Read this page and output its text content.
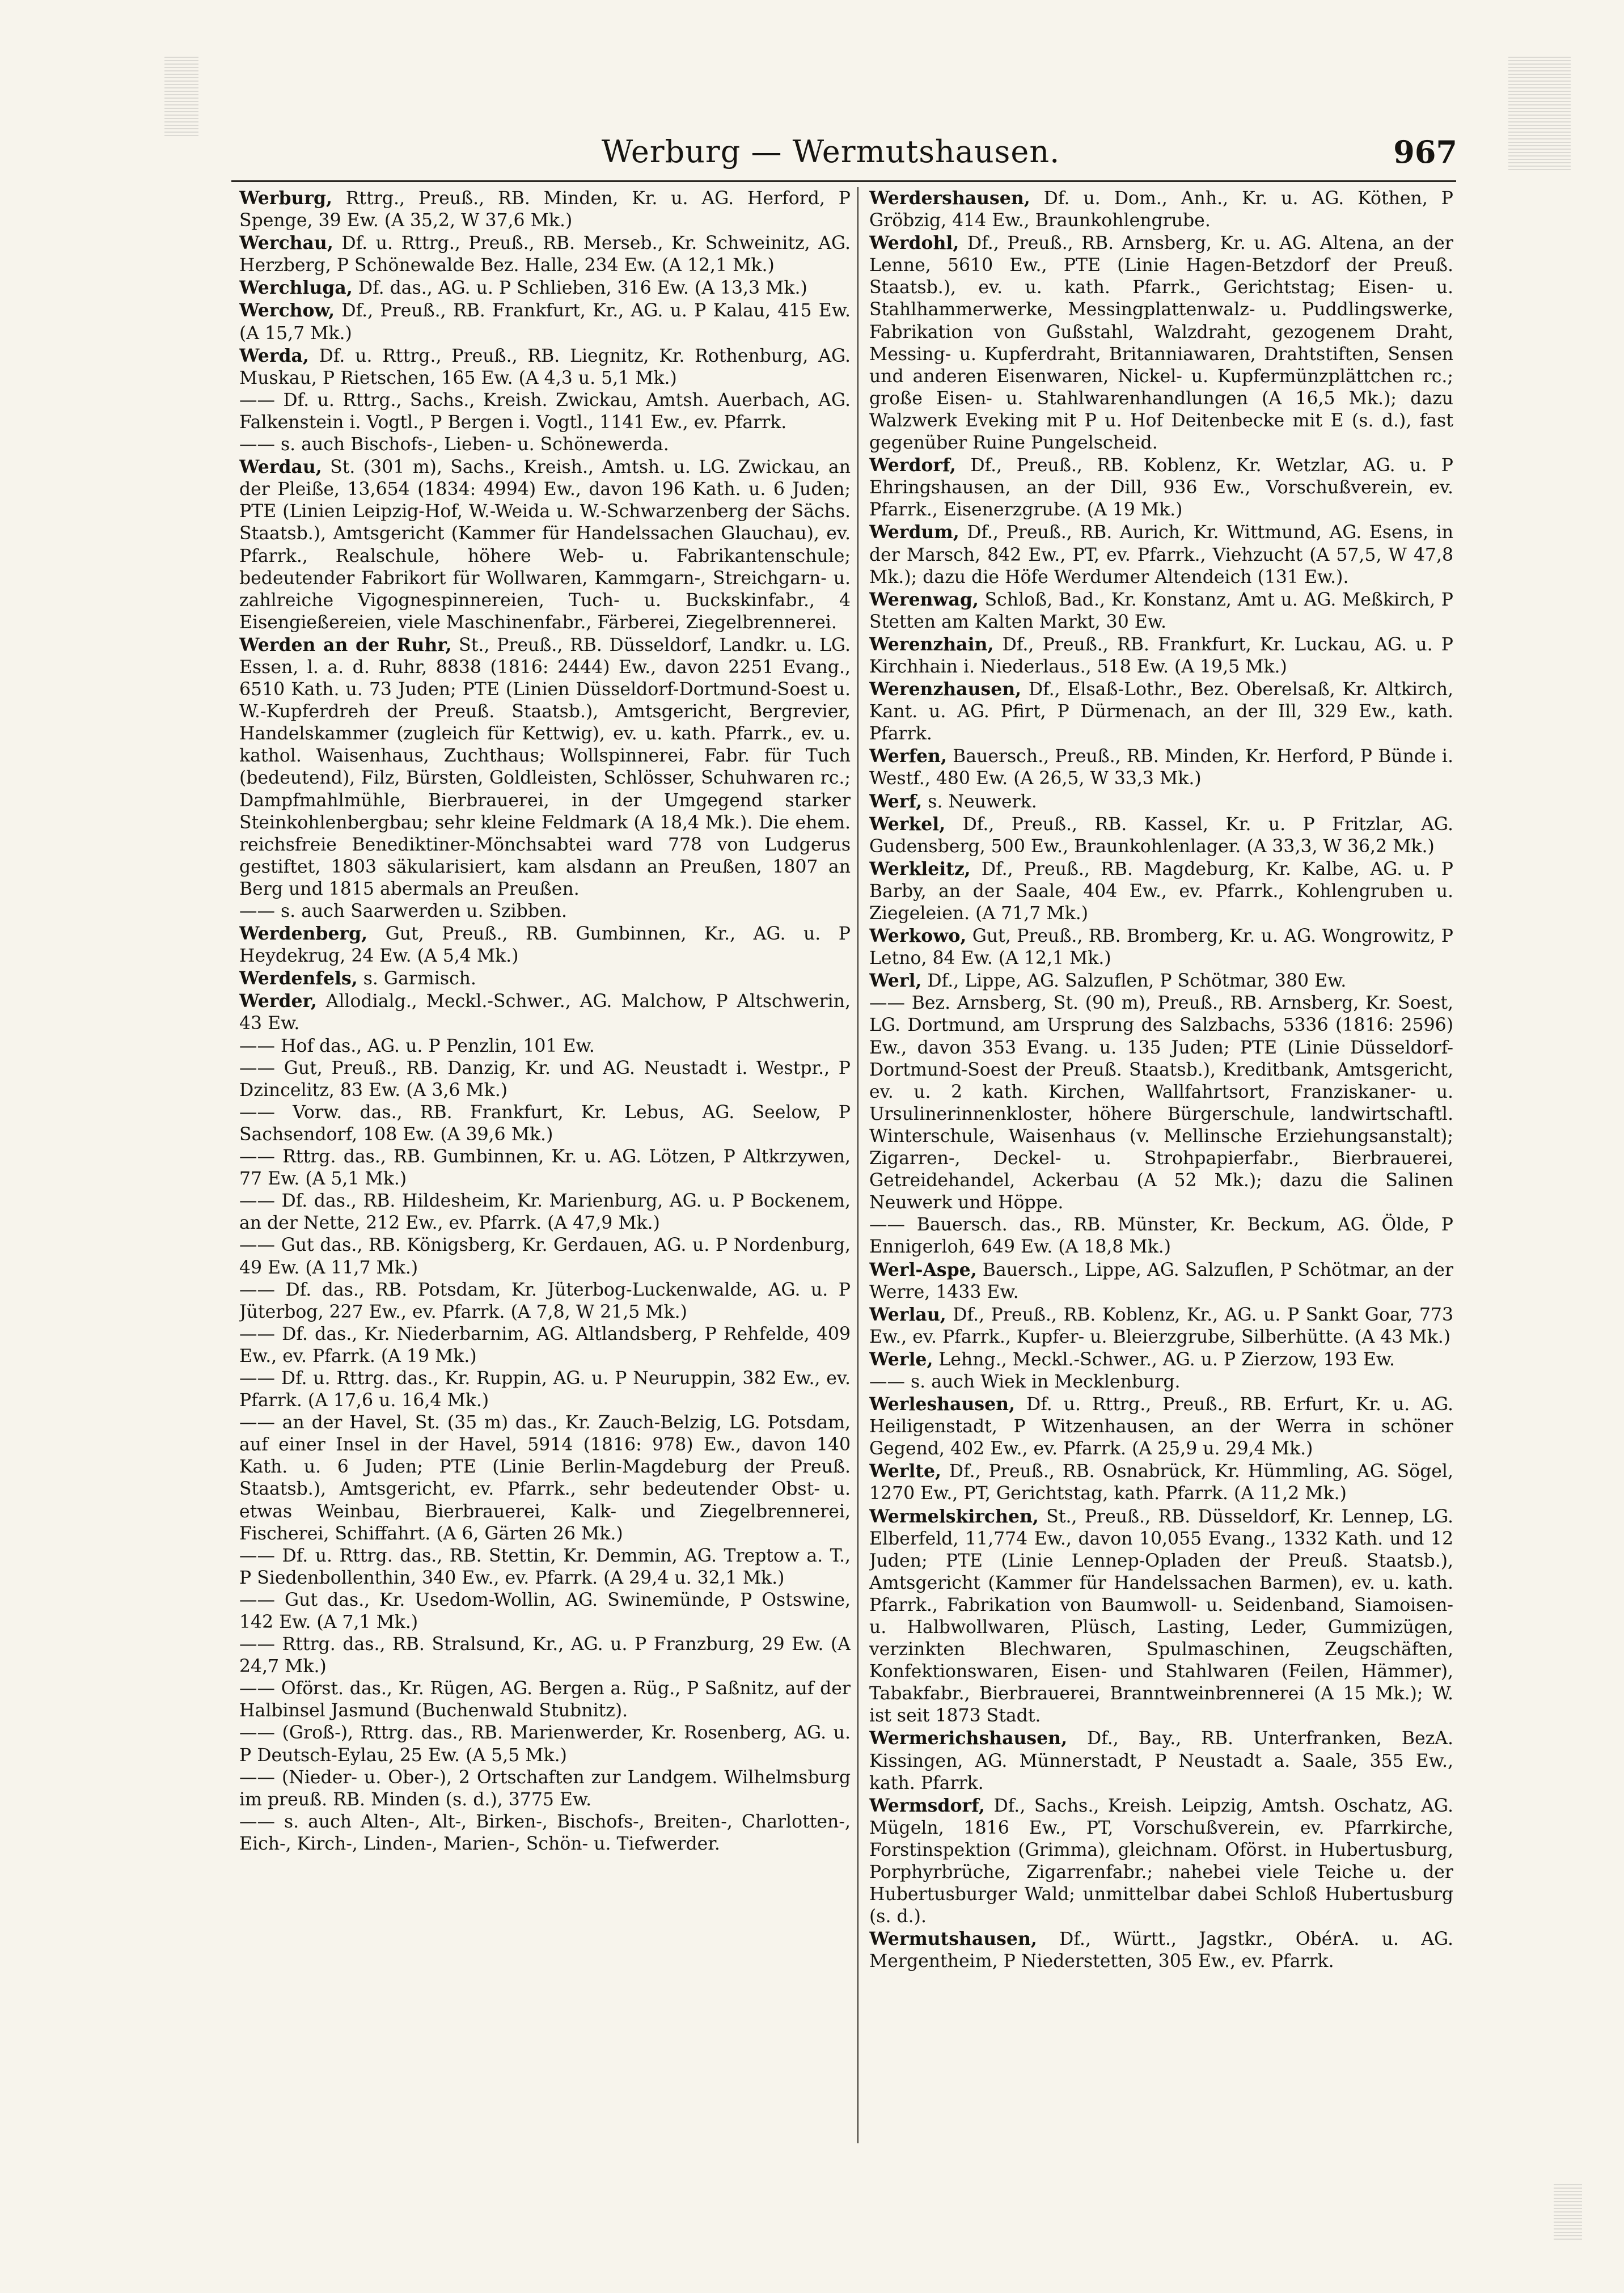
Werburg — Wermutshausen.	967

Werburg, Rttrg., Preuß., RB. Minden, Kr. u. AG. Herford, P Spenge, 39 Ew. (A 35,2, W 37,6 Mk.)

Werchau, Df. u. Rttrg., Preuß., RB. Merseb., Kr. Schweinitz, AG. Herzberg, P Schönewalde Bez. Halle, 234 Ew. (A 12,1 Mk.)

Werchluga, Df. das., AG. u. P Schlieben, 316 Ew. (A 13,3 Mk.)

Werchow, Df., Preuß., RB. Frankfurt, Kr., AG. u. P Kalau, 415 Ew. (A 15,7 Mk.)

Werda, Df. u. Rttrg., Preuß., RB. Liegnitz, Kr. Rothenburg, AG. Muskau, P Rietschen, 165 Ew. (A 4,3 u. 5,1 Mk.)

—— Df. u. Rttrg., Sachs., Kreish. Zwickau, Amtsh. Auerbach, AG. Falkenstein i. Vogtl., P Bergen i. Vogtl., 1141 Ew., ev. Pfarrk.

—— s. auch Bischofs-, Lieben- u. Schönewerda.

Werdau, St. (301 m), Sachs., Kreish., Amtsh. u. LG. Zwickau, an der Pleiße, 13,654 (1834: 4994) Ew., davon 196 Kath. u. 6 Juden; PTE (Linien Leipzig-Hof, W.-Weida u. W.-Schwarzenberg der Sächs. Staatsb.), Amtsgericht (Kammer für Handelssachen Glauchau), ev. Pfarrk., Realschule, höhere Web- u. Fabrikantenschule; bedeutender Fabrikort für Wollwaren, Kammgarn-, Streichgarn- u. zahlreiche Vigognespinnereien, Tuch- u. Buckskinfabr., 4 Eisengießereien, viele Maschinenfabr., Färberei, Ziegelbrennerei.

Werden an der Ruhr, St., Preuß., RB. Düsseldorf, Landkr. u. LG. Essen, l. a. d. Ruhr, 8838 (1816: 2444) Ew., davon 2251 Evang., 6510 Kath. u. 73 Juden; PTE (Linien Düsseldorf-Dortmund-Soest u. W.-Kupferdreh der Preuß. Staatsb.), Amtsgericht, Bergrevier, Handelskammer (zugleich für Kettwig), ev. u. kath. Pfarrk., ev. u. kathol. Waisenhaus, Zuchthaus; Wollspinnerei, Fabr. für Tuch (bedeutend), Filz, Bürsten, Goldleisten, Schlösser, Schuhwaren rc.; Dampfmahlmühle, Bierbrauerei, in der Umgegend starker Steinkohlenbergbau; sehr kleine Feldmark (A 18,4 Mk.). Die ehem. reichsfreie Benediktiner-Mönchsabtei ward 778 von Ludgerus gestiftet, 1803 säkularisiert, kam alsdann an Preußen, 1807 an Berg und 1815 abermals an Preußen.

—— s. auch Saarwerden u. Szibben.

Werdenberg, Gut, Preuß., RB. Gumbinnen, Kr., AG. u. P Heydekrug, 24 Ew. (A 5,4 Mk.)

Werdenfels, s. Garmisch.

Werder, Allodialg., Meckl.-Schwer., AG. Malchow, P Altschwerin, 43 Ew.

—— Hof das., AG. u. P Penzlin, 101 Ew.

—— Gut, Preuß., RB. Danzig, Kr. und AG. Neustadt i. Westpr., P Dzincelitz, 83 Ew. (A 3,6 Mk.)

—— Vorw. das., RB. Frankfurt, Kr. Lebus, AG. Seelow, P Sachsendorf, 108 Ew. (A 39,6 Mk.)

—— Rttrg. das., RB. Gumbinnen, Kr. u. AG. Lötzen, P Altkrzywen, 77 Ew. (A 5,1 Mk.)

—— Df. das., RB. Hildesheim, Kr. Marienburg, AG. u. P Bockenem, an der Nette, 212 Ew., ev. Pfarrk. (A 47,9 Mk.)

—— Gut das., RB. Königsberg, Kr. Gerdauen, AG. u. P Nordenburg, 49 Ew. (A 11,7 Mk.)

—— Df. das., RB. Potsdam, Kr. Jüterbog-Luckenwalde, AG. u. P Jüterbog, 227 Ew., ev. Pfarrk. (A 7,8, W 21,5 Mk.)

—— Df. das., Kr. Niederbarnim, AG. Altlandsberg, P Rehfelde, 409 Ew., ev. Pfarrk. (A 19 Mk.)

—— Df. u. Rttrg. das., Kr. Ruppin, AG. u. P Neuruppin, 382 Ew., ev. Pfarrk. (A 17,6 u. 16,4 Mk.)

—— an der Havel, St. (35 m) das., Kr. Zauch-Belzig, LG. Potsdam, auf einer Insel in der Havel, 5914 (1816: 978) Ew., davon 140 Kath. u. 6 Juden; PTE (Linie Berlin-Magdeburg der Preuß. Staatsb.), Amtsgericht, ev. Pfarrk., sehr bedeutender Obst- u. etwas Weinbau, Bierbrauerei, Kalk- und Ziegelbrennerei, Fischerei, Schiffahrt. (A 6, Gärten 26 Mk.)

—— Df. u. Rttrg. das., RB. Stettin, Kr. Demmin, AG. Treptow a. T., P Siedenbollenthin, 340 Ew., ev. Pfarrk. (A 29,4 u. 32,1 Mk.)

—— Gut das., Kr. Usedom-Wollin, AG. Swinemünde, P Ostswine, 142 Ew. (A 7,1 Mk.)

—— Rttrg. das., RB. Stralsund, Kr., AG. u. P Franzburg, 29 Ew. (A 24,7 Mk.)

—— Oförst. das., Kr. Rügen, AG. Bergen a. Rüg., P Saßnitz, auf der Halbinsel Jasmund (Buchenwald Stubnitz).

—— (Groß-), Rttrg. das., RB. Marienwerder, Kr. Rosenberg, AG. u. P Deutsch-Eylau, 25 Ew. (A 5,5 Mk.)

—— (Nieder- u. Ober-), 2 Ortschaften zur Landgem. Wilhelmsburg im preuß. RB. Minden (s. d.), 3775 Ew.

—— s. auch Alten-, Alt-, Birken-, Bischofs-, Breiten-, Charlotten-, Eich-, Kirch-, Linden-, Marien-, Schön- u. Tiefwerder.

Werdershausen, Df. u. Dom., Anh., Kr. u. AG. Köthen, P Gröbzig, 414 Ew., Braunkohlengrube.

Werdohl, Df., Preuß., RB. Arnsberg, Kr. u. AG. Altena, an der Lenne, 5610 Ew., PTE (Linie Hagen-Betzdorf der Preuß. Staatsb.), ev. u. kath. Pfarrk., Gerichtstag; Eisen- u. Stahlhammerwerke, Messingplattenwalz- u. Puddlingswerke, Fabrikation von Gußstahl, Walzdraht, gezogenem Draht, Messing- u. Kupferdraht, Britanniawaren, Drahtstiften, Sensen und anderen Eisenwaren, Nickel- u. Kupfermünzplättchen rc.; große Eisen- u. Stahlwarenhandlungen (A 16,5 Mk.); dazu Walzwerk Eveking mit P u. Hof Deitenbecke mit E (s. d.), fast gegenüber Ruine Pungelscheid.

Werdorf, Df., Preuß., RB. Koblenz, Kr. Wetzlar, AG. u. P Ehringshausen, an der Dill, 936 Ew., Vorschußverein, ev. Pfarrk., Eisenerzgrube. (A 19 Mk.)

Werdum, Df., Preuß., RB. Aurich, Kr. Wittmund, AG. Esens, in der Marsch, 842 Ew., PT, ev. Pfarrk., Viehzucht (A 57,5, W 47,8 Mk.); dazu die Höfe Werdumer Altendeich (131 Ew.).

Werenwag, Schloß, Bad., Kr. Konstanz, Amt u. AG. Meßkirch, P Stetten am Kalten Markt, 30 Ew.

Werenzhain, Df., Preuß., RB. Frankfurt, Kr. Luckau, AG. u. P Kirchhain i. Niederlaus., 518 Ew. (A 19,5 Mk.)

Werenzhausen, Df., Elsaß-Lothr., Bez. Oberelsaß, Kr. Altkirch, Kant. u. AG. Pfirt, P Dürmenach, an der Ill, 329 Ew., kath. Pfarrk.

Werfen, Bauersch., Preuß., RB. Minden, Kr. Herford, P Bünde i. Westf., 480 Ew. (A 26,5, W 33,3 Mk.)

Werf, s. Neuwerk.

Werkel, Df., Preuß., RB. Kassel, Kr. u. P Fritzlar, AG. Gudensberg, 500 Ew., Braunkohlenlager. (A 33,3, W 36,2 Mk.)

Werkleitz, Df., Preuß., RB. Magdeburg, Kr. Kalbe, AG. u. P Barby, an der Saale, 404 Ew., ev. Pfarrk., Kohlengruben u. Ziegeleien. (A 71,7 Mk.)

Werkowo, Gut, Preuß., RB. Bromberg, Kr. u. AG. Wongrowitz, P Letno, 84 Ew. (A 12,1 Mk.)

Werl, Df., Lippe, AG. Salzuflen, P Schötmar, 380 Ew.

—— Bez. Arnsberg, St. (90 m), Preuß., RB. Arnsberg, Kr. Soest, LG. Dortmund, am Ursprung des Salzbachs, 5336 (1816: 2596) Ew., davon 353 Evang. u. 135 Juden; PTE (Linie Düsseldorf-Dortmund-Soest der Preuß. Staatsb.), Kreditbank, Amtsgericht, ev. u. 2 kath. Kirchen, Wallfahrtsort, Franziskaner- u. Ursulinerinnenkloster, höhere Bürgerschule, landwirtschaftl. Winterschule, Waisenhaus (v. Mellinsche Erziehungsanstalt); Zigarren-, Deckel- u. Strohpapierfabr., Bierbrauerei, Getreidehandel, Ackerbau (A 52 Mk.); dazu die Salinen Neuwerk und Höppe.

—— Bauersch. das., RB. Münster, Kr. Beckum, AG. Ölde, P Ennigerloh, 649 Ew. (A 18,8 Mk.)

Werl-Aspe, Bauersch., Lippe, AG. Salzuflen, P Schötmar, an der Werre, 1433 Ew.

Werlau, Df., Preuß., RB. Koblenz, Kr., AG. u. P Sankt Goar, 773 Ew., ev. Pfarrk., Kupfer- u. Bleierzgrube, Silberhütte. (A 43 Mk.)

Werle, Lehng., Meckl.-Schwer., AG. u. P Zierzow, 193 Ew.

—— s. auch Wiek in Mecklenburg.

Werleshausen, Df. u. Rttrg., Preuß., RB. Erfurt, Kr. u. AG. Heiligenstadt, P Witzenhausen, an der Werra in schöner Gegend, 402 Ew., ev. Pfarrk. (A 25,9 u. 29,4 Mk.)

Werlte, Df., Preuß., RB. Osnabrück, Kr. Hümmling, AG. Sögel, 1270 Ew., PT, Gerichtstag, kath. Pfarrk. (A 11,2 Mk.)

Wermelskirchen, St., Preuß., RB. Düsseldorf, Kr. Lennep, LG. Elberfeld, 11,774 Ew., davon 10,055 Evang., 1332 Kath. und 12 Juden; PTE (Linie Lennep-Opladen der Preuß. Staatsb.), Amtsgericht (Kammer für Handelssachen Barmen), ev. u. kath. Pfarrk., Fabrikation von Baumwoll- u. Seidenband, Siamoisen- u. Halbwollwaren, Plüsch, Lasting, Leder, Gummizügen, verzinkten Blechwaren, Spulmaschinen, Zeugschäften, Konfektionswaren, Eisen- und Stahlwaren (Feilen, Hämmer), Tabakfabr., Bierbrauerei, Branntweinbrennerei (A 15 Mk.); W. ist seit 1873 Stadt.

Wermerichshausen, Df., Bay., RB. Unterfranken, BezA. Kissingen, AG. Münnerstadt, P Neustadt a. Saale, 355 Ew., kath. Pfarrk.

Wermsdorf, Df., Sachs., Kreish. Leipzig, Amtsh. Oschatz, AG. Mügeln, 1816 Ew., PT, Vorschußverein, ev. Pfarrkirche, Forstinspektion (Grimma), gleichnam. Oförst. in Hubertusburg, Porphyrbrüche, Zigarrenfabr.; nahebei viele Teiche u. der Hubertusburger Wald; unmittelbar dabei Schloß Hubertusburg (s. d.).

Wermutshausen, Df., Württ., Jagstkr., ObérA. u. AG. Mergentheim, P Niederstetten, 305 Ew., ev. Pfarrk.
